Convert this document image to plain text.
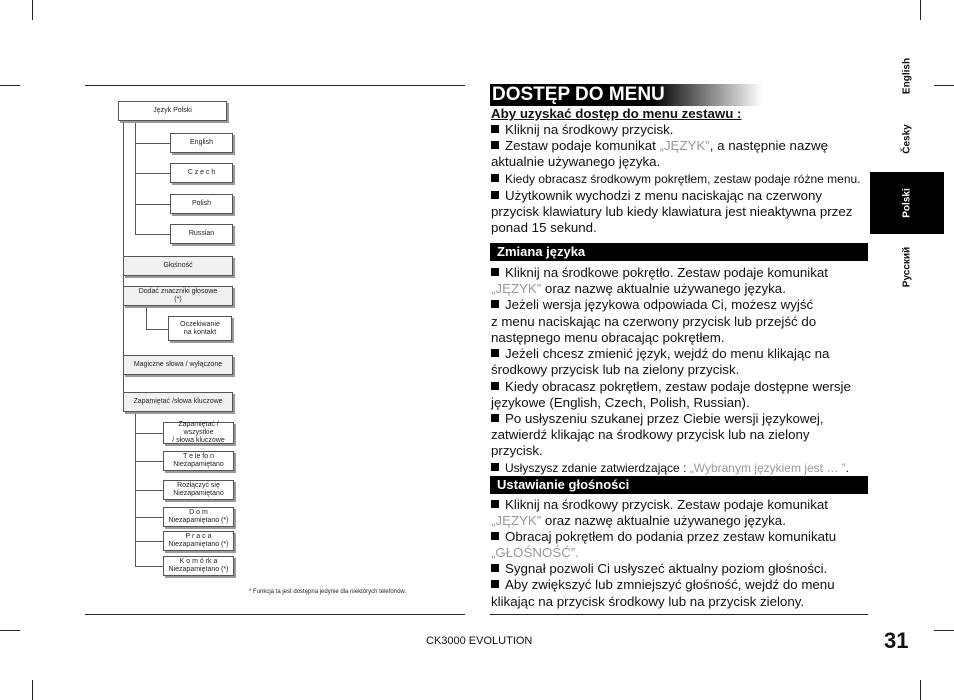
Język Polski
English
C z e c h
Polish
Russian
Głośność
Dodać znaczniki głosowe
(*)
Oczekiwanie
na kontakt
Magiczne słowa / wyłączone
Zapamiętać /słowa kluczowe
Zapamiętać / wszystkie
/ słowa kluczowe
T e le fo n
Niezapamiętano
Rozłączyć się
Niezapamiętano
D o m
Niezapamiętano (*)
P r a c a
Niezapamiętano (*)
K o m ó rk a
Niezapamiętano (*)
* Funkcja ta jest dostępna jedynie dla niektórych telefonów.
DOSTĘP DO MENU
Aby uzyskać dostęp do menu zestawu :
Kliknij na środkowy przycisk.
Zestaw podaje komunikat „JĘZYK”, a następnie nazwę
aktualnie używanego języka.
Kiedy obracasz środkowym pokrętłem, zestaw podaje różne menu.
Użytkownik wychodzi z menu naciskając na czerwony
przycisk klawiatury lub kiedy klawiatura jest nieaktywna przez
ponad 15 sekund.
Zmiana języka
Kliknij na środkowe pokrętło. Zestaw podaje komunikat
„JĘZYK” oraz nazwę aktualnie używanego języka.
Jeżeli wersja językowa odpowiada Ci, możesz wyjść
z menu naciskając na czerwony przycisk lub przejść do
następnego menu obracając pokrętłem.
Jeżeli chcesz zmienić język, wejdź do menu klikając na
środkowy przycisk lub na zielony przycisk.
Kiedy obracasz pokrętłem, zestaw podaje dostępne wersje
językowe (English, Czech, Polish, Russian).
Po usłyszeniu szukanej przez Ciebie wersji językowej,
zatwierdź klikając na środkowy przycisk lub na zielony
przycisk.
Usłyszysz zdanie zatwierdzające : „Wybranym językiem jest … ”.
Ustawianie głośności
Kliknij na środkowy przycisk. Zestaw podaje komunikat
„JĘZYK” oraz nazwę aktualnie używanego języka.
Obracaj pokrętłem do podania przez zestaw komunikatu
„GŁOŚNOŚĆ”.
Sygnał pozwoli Ci usłyszeć aktualny poziom głośności.
Aby zwiększyć lub zmniejszyć głośność, wejdź do menu
klikając na przycisk środkowy lub na przycisk zielony.
English
Česky
Polski
Русский
CK3000 EVOLUTION	31
